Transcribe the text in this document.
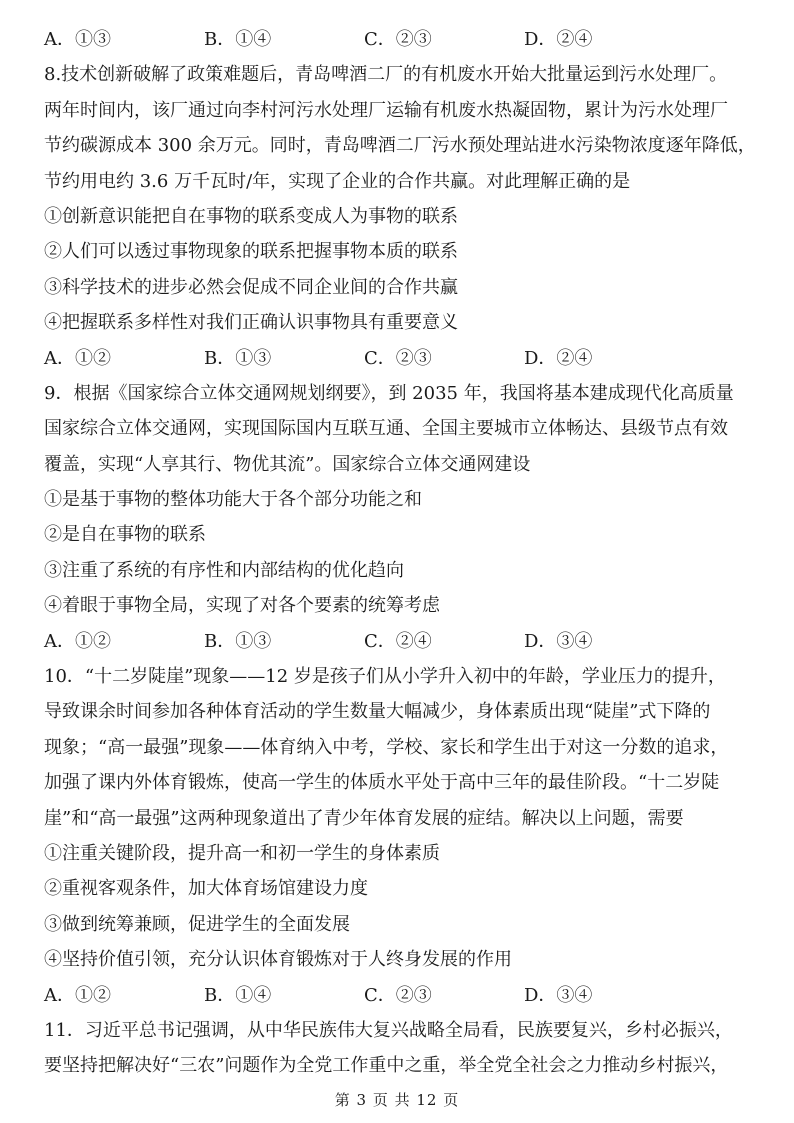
A．①③	B．①④	C．②③	D．②④
8.技术创新破解了政策难题后，青岛啤酒二厂的有机废水开始大批量运到污水处理厂。
两年时间内，该厂通过向李村河污水处理厂运输有机废水热凝固物，累计为污水处理厂
节约碳源成本 300 余万元。同时，青岛啤酒二厂污水预处理站进水污染物浓度逐年降低，
节约用电约 3.6 万千瓦时/年，实现了企业的合作共赢。对此理解正确的是
①创新意识能把自在事物的联系变成人为事物的联系
②人们可以透过事物现象的联系把握事物本质的联系
③科学技术的进步必然会促成不同企业间的合作共赢
④把握联系多样性对我们正确认识事物具有重要意义
A．①②	B．①③	C．②③	D．②④
9．根据《国家综合立体交通网规划纲要》，到 2035 年，我国将基本建成现代化高质量
国家综合立体交通网，实现国际国内互联互通、全国主要城市立体畅达、县级节点有效
覆盖，实现“人享其行、物优其流”。国家综合立体交通网建设
①是基于事物的整体功能大于各个部分功能之和
②是自在事物的联系
③注重了系统的有序性和内部结构的优化趋向
④着眼于事物全局，实现了对各个要素的统筹考虑
A．①②	B．①③	C．②④	D．③④
10．“十二岁陡崖”现象——12 岁是孩子们从小学升入初中的年龄，学业压力的提升，
导致课余时间参加各种体育活动的学生数量大幅减少，身体素质出现“陡崖”式下降的
现象；“高一最强”现象——体育纳入中考，学校、家长和学生出于对这一分数的追求，
加强了课内外体育锻炼，使高一学生的体质水平处于高中三年的最佳阶段。“十二岁陡
崖”和“高一最强”这两种现象道出了青少年体育发展的症结。解决以上问题，需要
①注重关键阶段，提升高一和初一学生的身体素质
②重视客观条件，加大体育场馆建设力度
③做到统筹兼顾，促进学生的全面发展
④坚持价值引领，充分认识体育锻炼对于人终身发展的作用
A．①②	B．①④	C．②③	D．③④
11．习近平总书记强调，从中华民族伟大复兴战略全局看，民族要复兴，乡村必振兴，
要坚持把解决好“三农”问题作为全党工作重中之重，举全党全社会之力推动乡村振兴，
第 3 页 共 12 页
